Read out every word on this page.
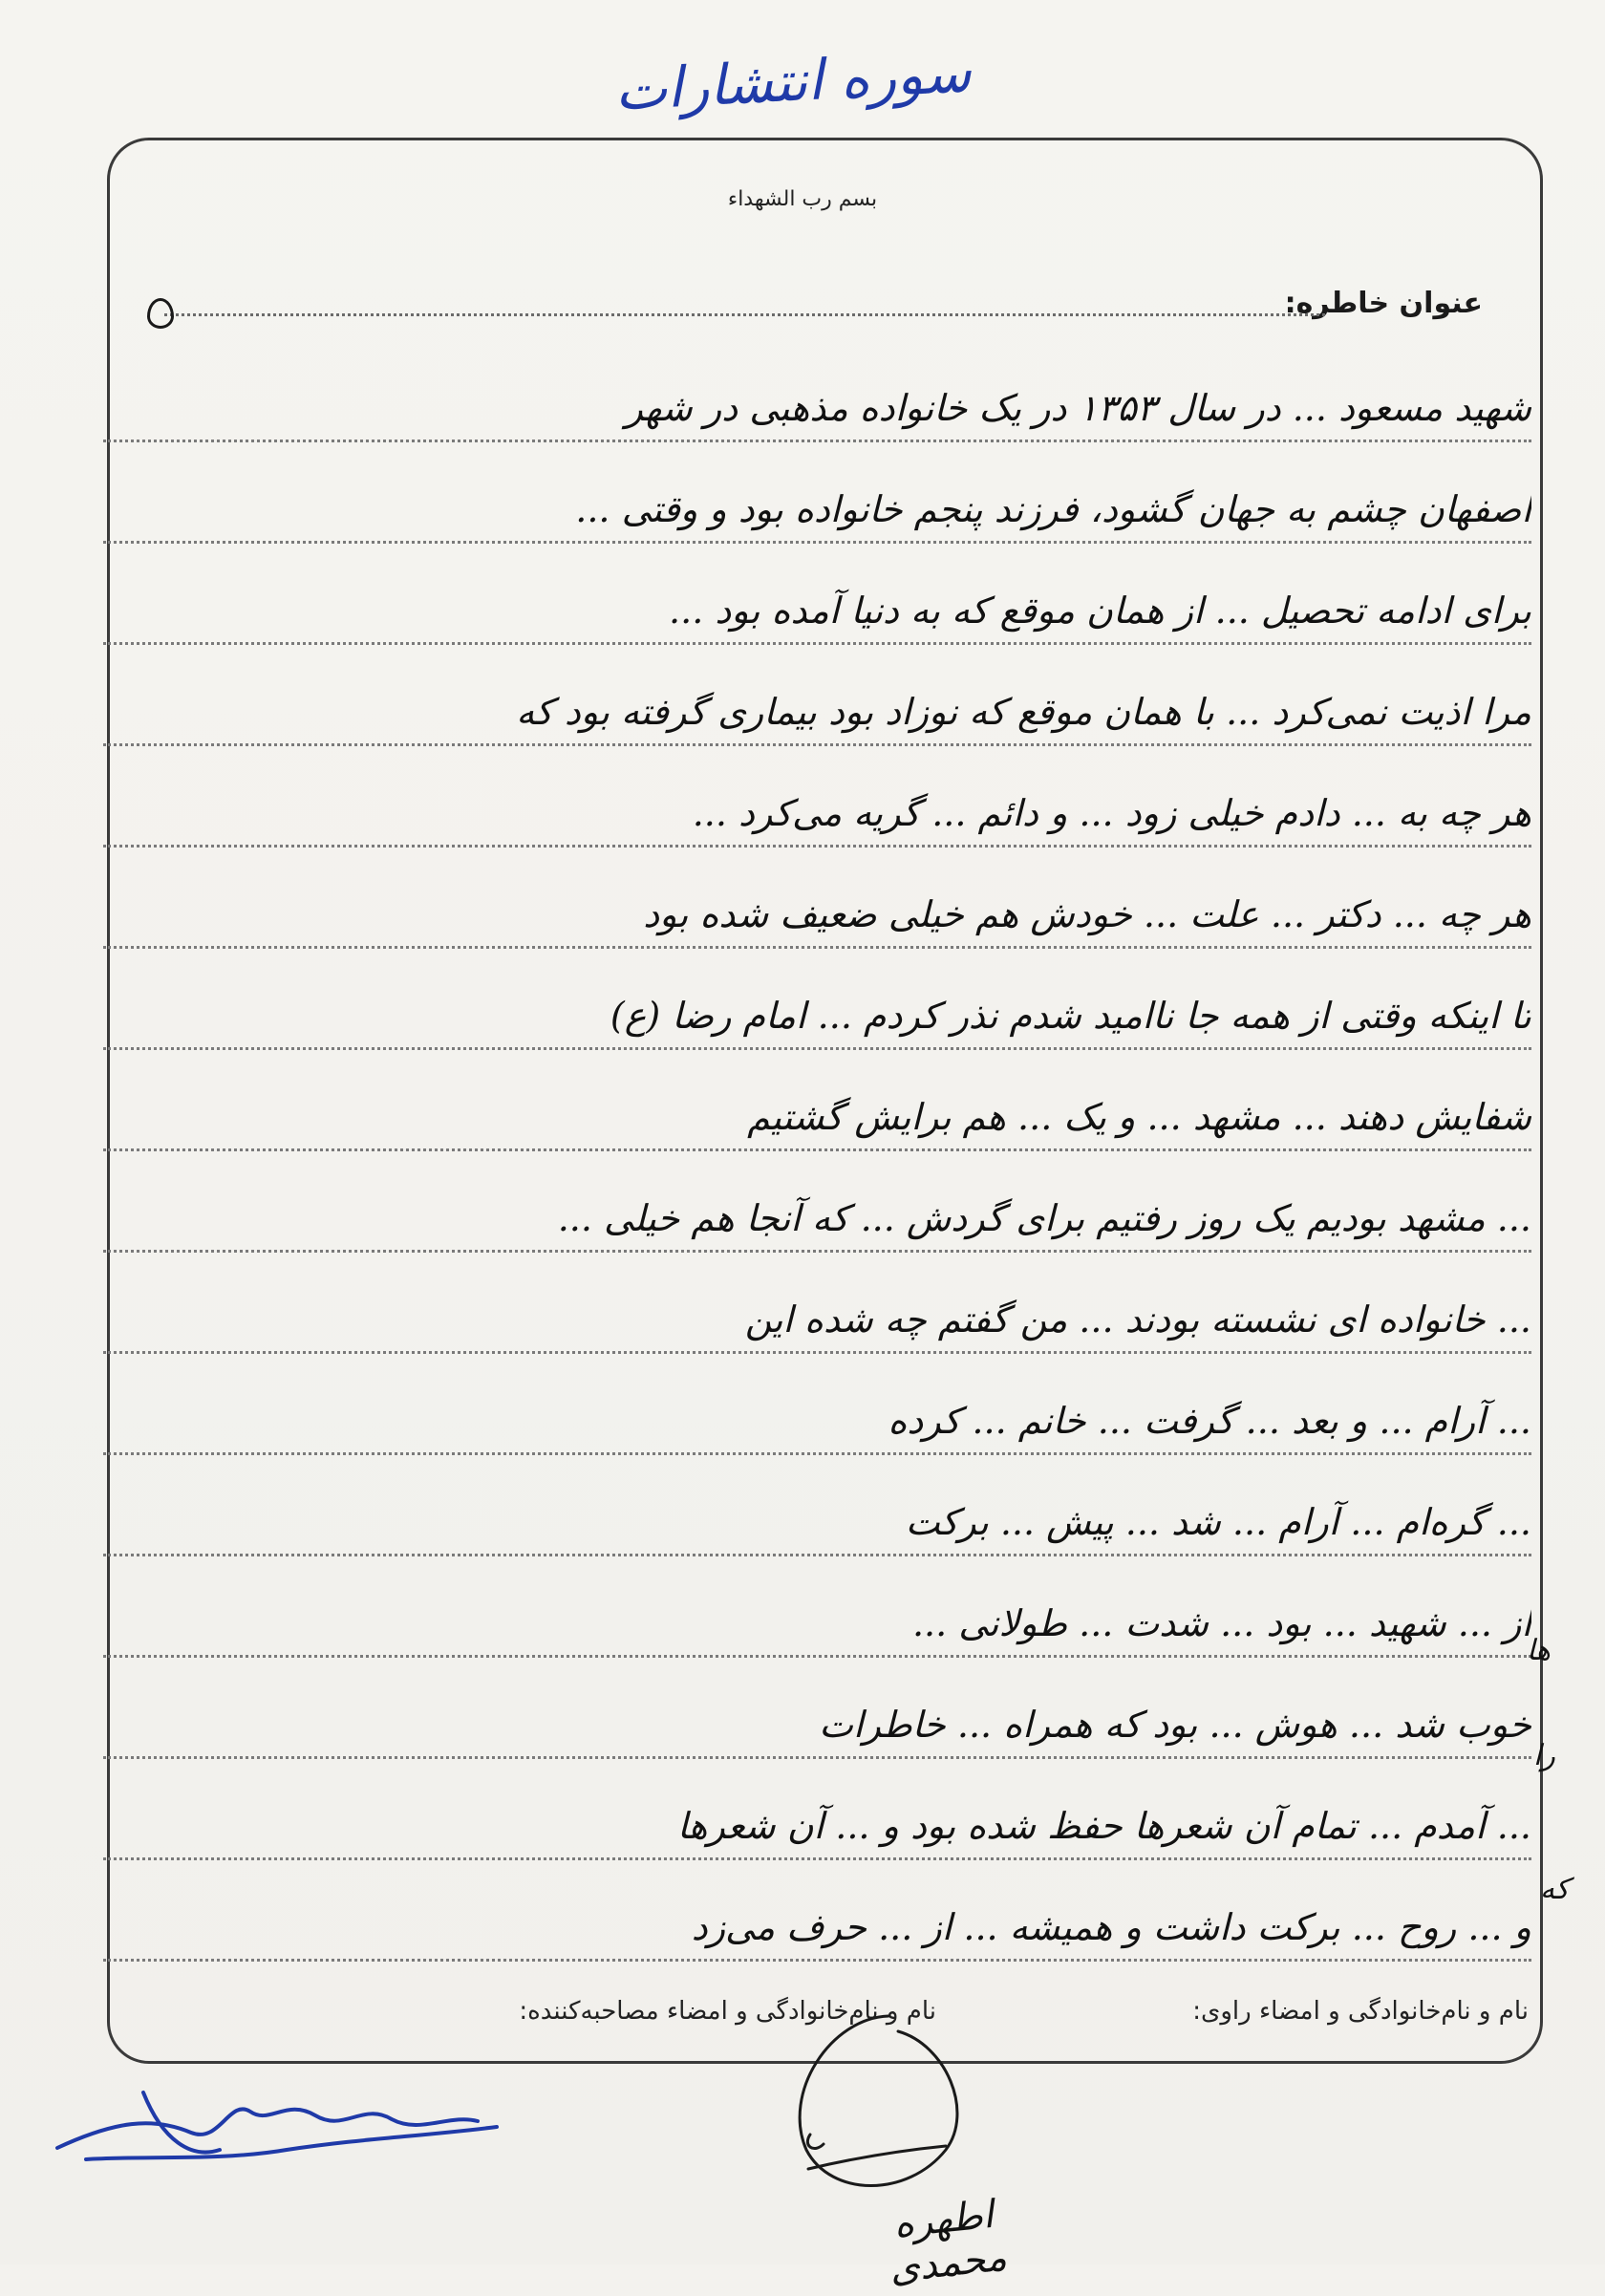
سوره انتشارات
بسم رب الشهداء
عنوان خاطره:
شهید مسعود ... در سال ۱۳۵۳ در یک خانواده مذهبی در شهر
اصفهان چشم به جهان گشود، فرزند پنجم خانواده بود و وقتی ...
برای ادامه تحصیل ... از همان موقع که به دنیا آمده بود ...
مرا اذیت نمی‌کرد ... با همان موقع که نوزاد بود بیماری گرفته بود که
هر چه به ... دادم خیلی زود ... و دائم ... گریه می‌کرد ...
هر چه ... دکتر ... علت ... خودش هم خیلی ضعیف شده بود
تا اینکه وقتی از همه جا ناامید شدم نذر کردم ... امام رضا (ع)
شفایش دهند ... مشهد ... و یک ... هم برایش گشتیم
... مشهد بودیم یک روز رفتیم برای گردش ... که آنجا هم خیلی ...
... خانواده ای نشسته بودند ... من گفتم چه شده این
... آرام ... و بعد ... گرفت ... خانم ... کرده
... گره‌ام ... آرام ... شد ... پیش ... برکت
از ... شهید ... بود ... شدت ... طولانی ...
خوب شد ... هوش ... بود که همراه ... خاطرات
... آمدم ... تمام آن شعرها حفظ شده بود و ... آن شعرها
و ... روح ... برکت داشت و همیشه ... از ... حرف می‌زد
ها
را
که
نام و نام‌خانوادگی و امضاء راوی:
نام و نام‌خانوادگی و امضاء مصاحبه‌کننده:
اطهره محمدی
